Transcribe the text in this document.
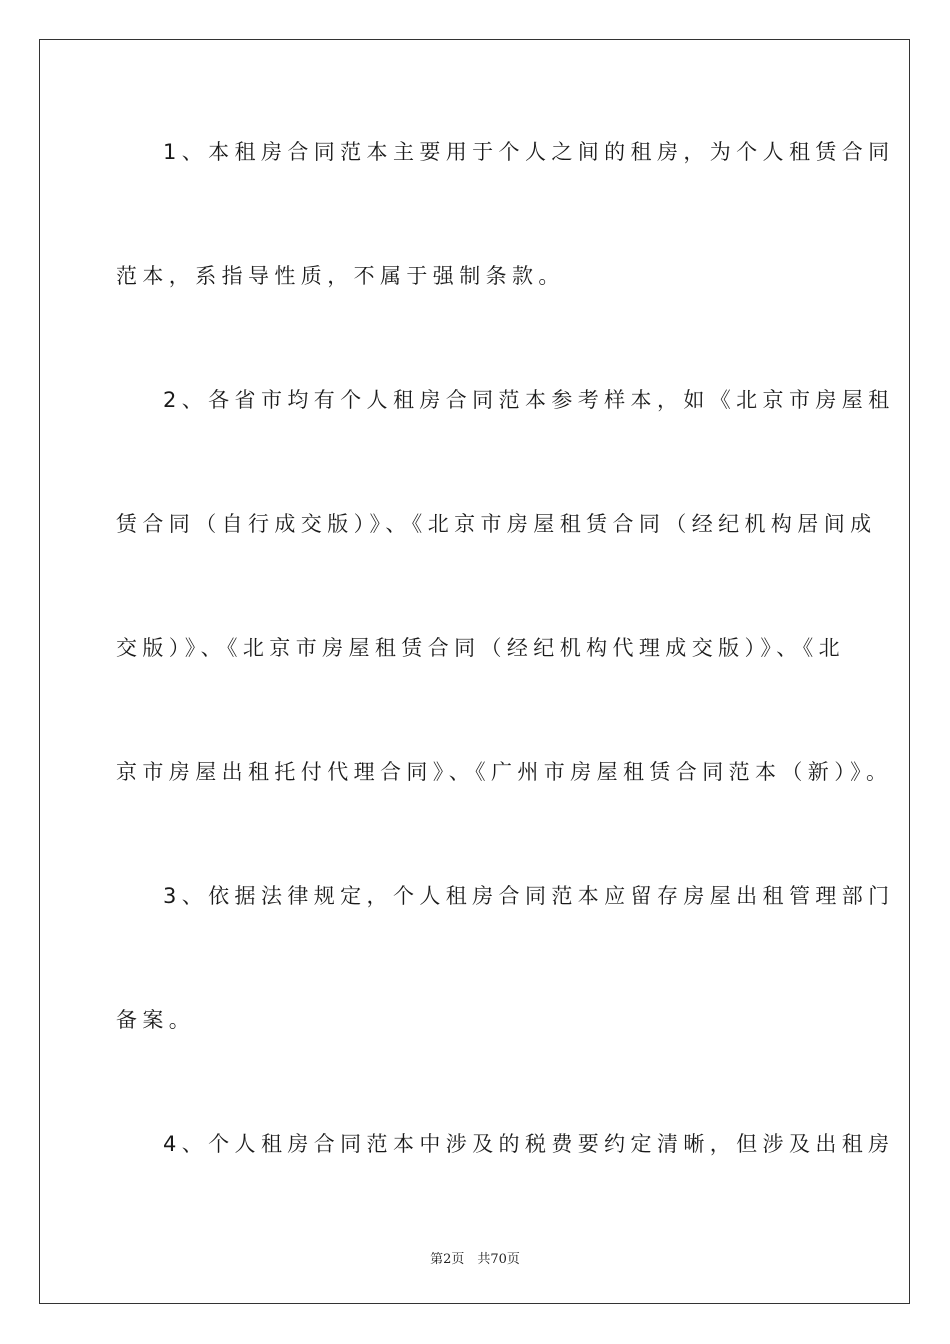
1、本租房合同范本主要用于个人之间的租房，为个人租赁合同
范本，系指导性质，不属于强制条款。
2、各省市均有个人租房合同范本参考样本，如《北京市房屋租
赁合同（自行成交版）》、《北京市房屋租赁合同（经纪机构居间成
交版）》、《北京市房屋租赁合同（经纪机构代理成交版）》、《北
京市房屋出租托付代理合同》、《广州市房屋租赁合同范本（新）》。
3、依据法律规定，个人租房合同范本应留存房屋出租管理部门
备案。
4、个人租房合同范本中涉及的税费要约定清晰，但涉及出租房
第2页　共70页
